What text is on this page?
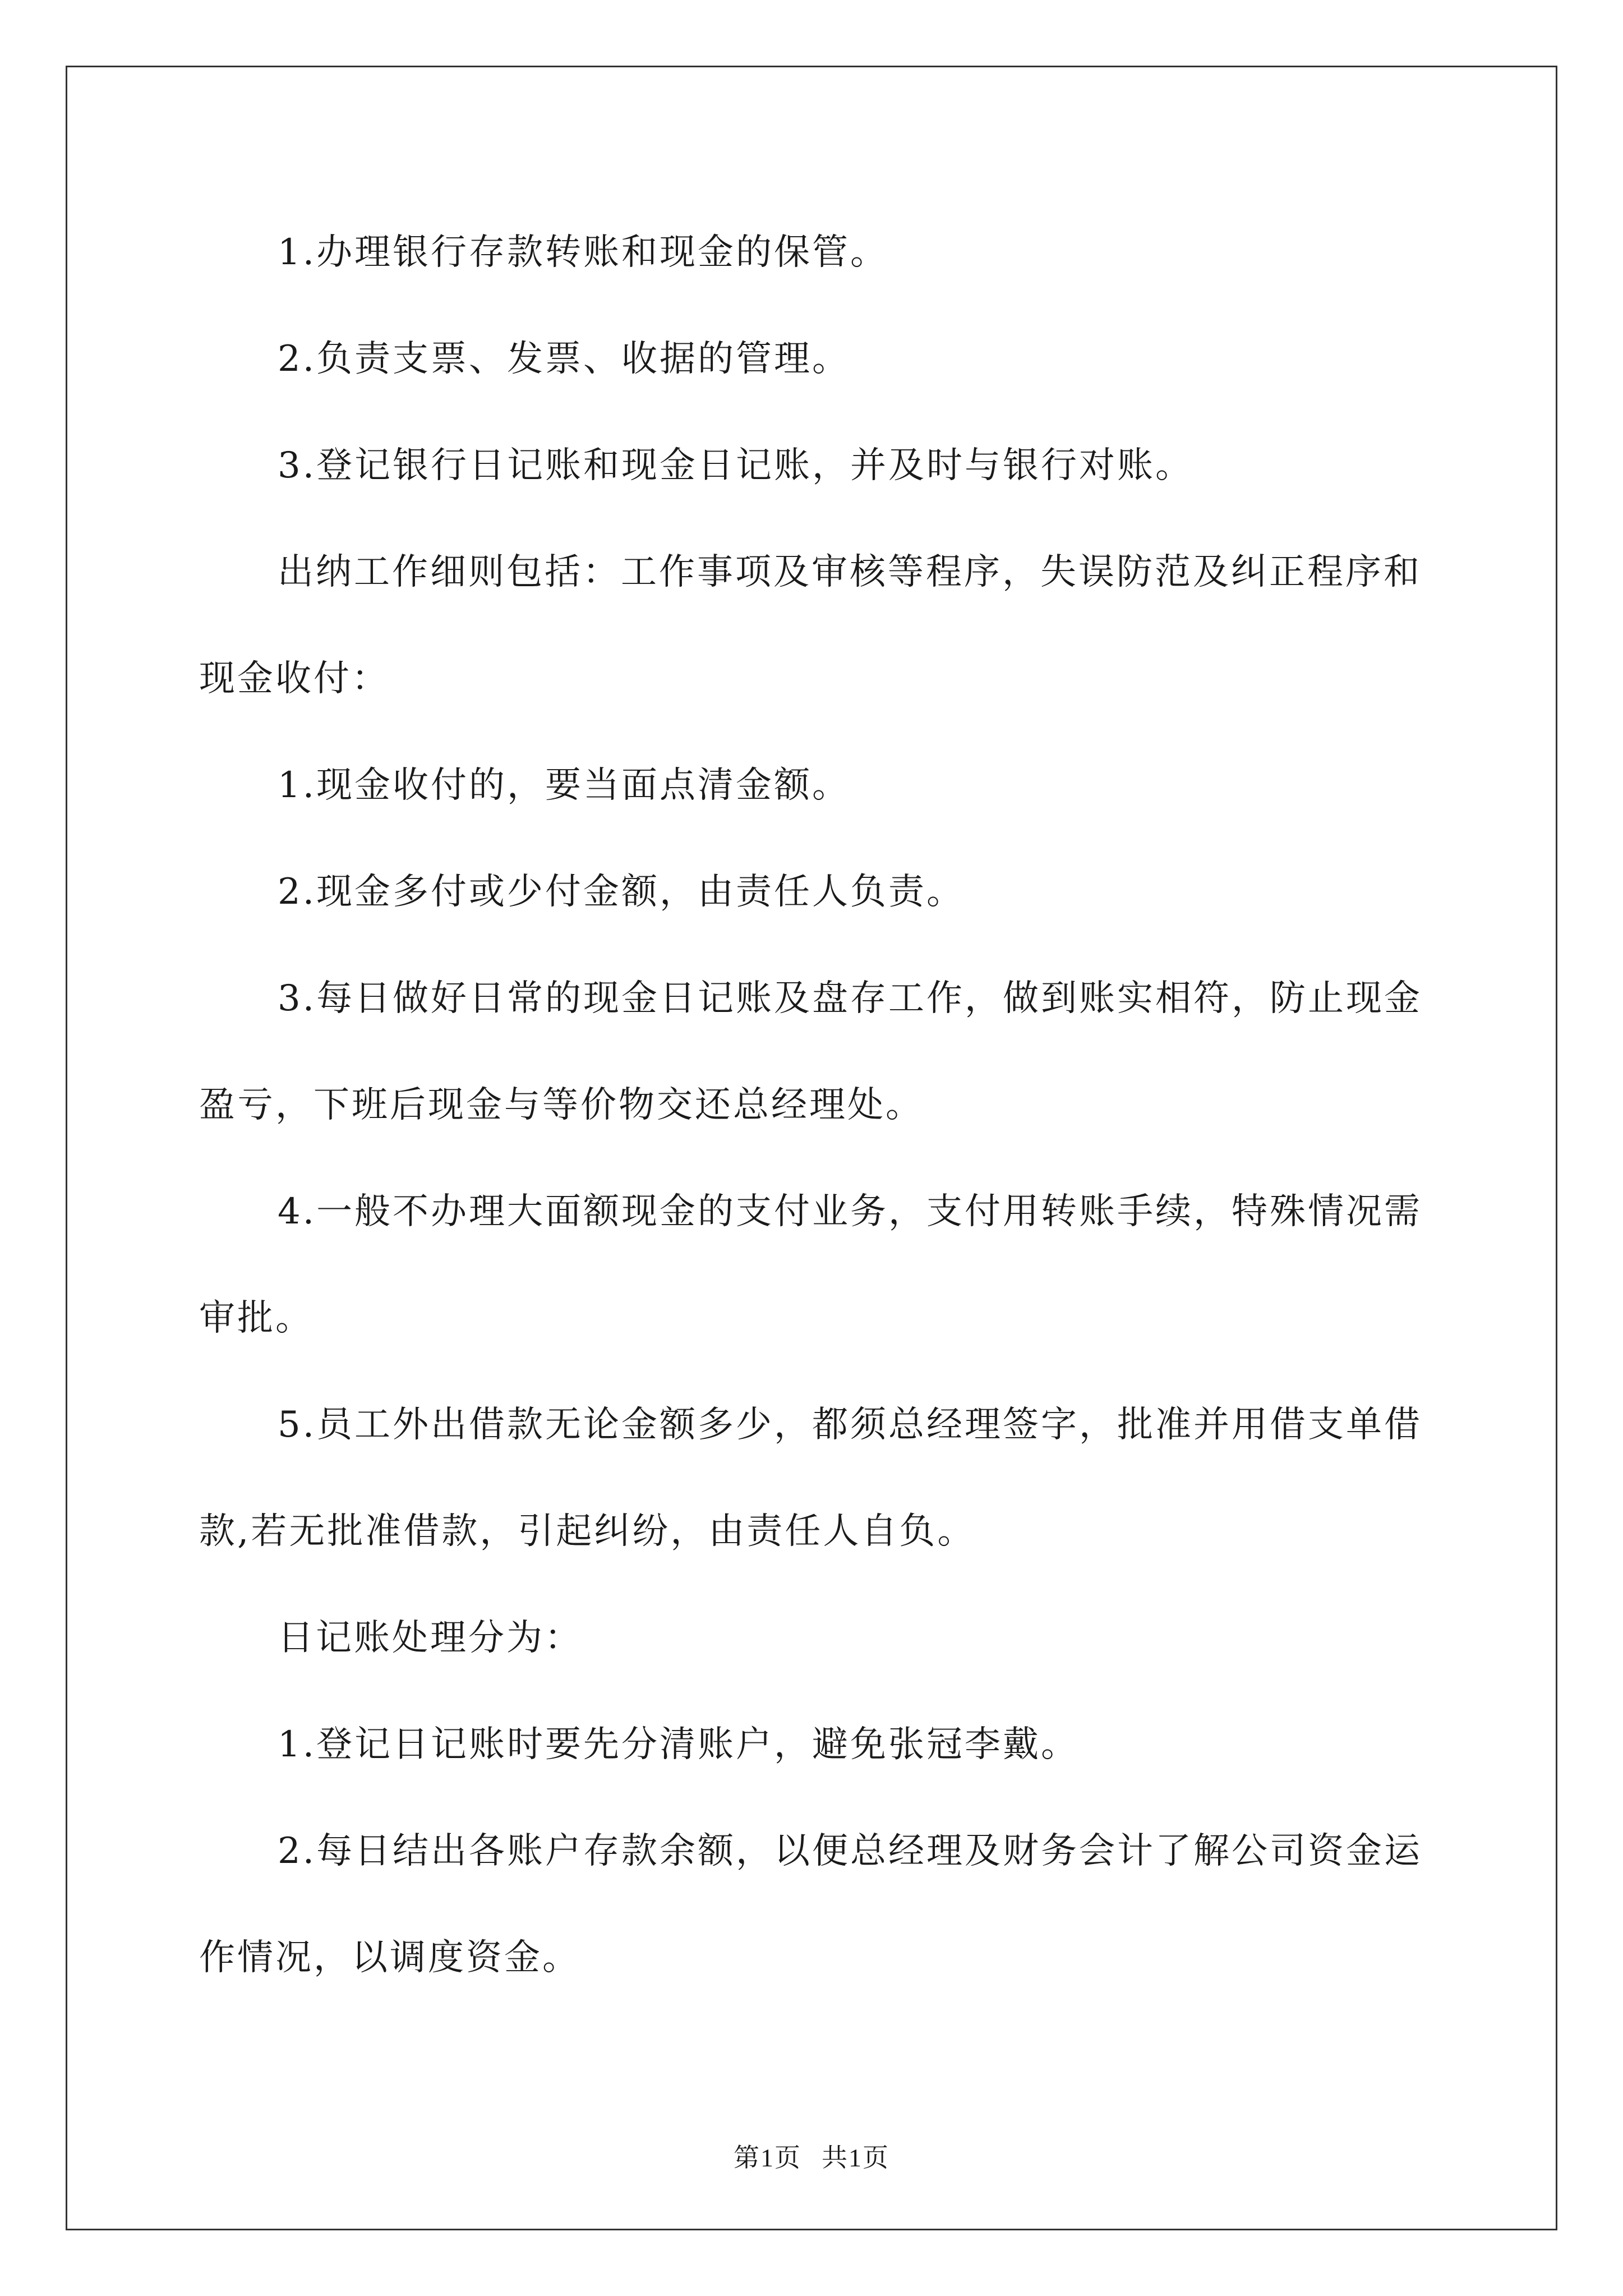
1.办理银行存款转账和现金的保管。

2.负责支票、发票、收据的管理。

3.登记银行日记账和现金日记账，并及时与银行对账。

出纳工作细则包括：工作事项及审核等程序，失误防范及纠正程序和现金收付：

1.现金收付的，要当面点清金额。

2.现金多付或少付金额，由责任人负责。

3.每日做好日常的现金日记账及盘存工作，做到账实相符，防止现金盈亏，下班后现金与等价物交还总经理处。

4.一般不办理大面额现金的支付业务，支付用转账手续，特殊情况需审批。

5.员工外出借款无论金额多少，都须总经理签字，批准并用借支单借款,若无批准借款，引起纠纷，由责任人自负。

日记账处理分为：

1.登记日记账时要先分清账户，避免张冠李戴。

2.每日结出各账户存款余额，以便总经理及财务会计了解公司资金运作情况，以调度资金。

第1页 共1页
